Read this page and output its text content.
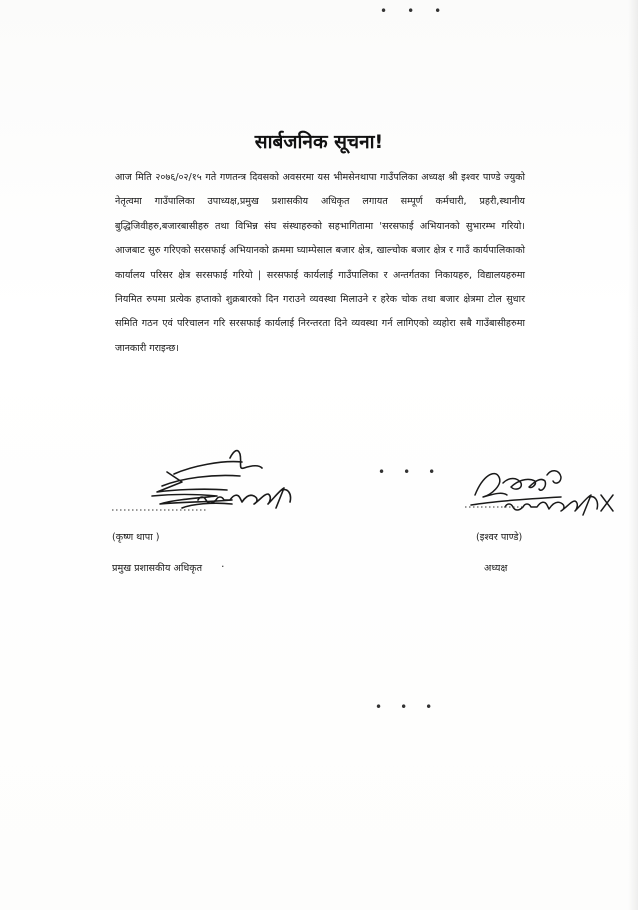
•••
सार्बजनिक सूचना!
आज मिति २०७६/०२/१५ गते गणतन्त्र दिवसको अवसरमा यस भीमसेनथापा गाउँपलिका अध्यक्ष श्री इश्वर पाण्डे ज्युको नेतृत्वमा गाउँपालिका उपाध्यक्ष,प्रमुख प्रशासकीय अधिकृत लगायत सम्पूर्ण कर्मचारी, प्रहरी,स्थानीय बुद्धिजिवीहरु,बजारबासीहरु तथा विभिन्न संघ संस्थाहरुको सहभागितामा 'सरसफाई अभियानको सुभारम्भ गरियो।आजबाट सुरु गरिएको सरसफाई अभियानको क्रममा घ्याम्पेसाल बजार क्षेत्र, खाल्चोक बजार क्षेत्र र गाउँ कार्यपालिकाको कार्यालय परिसर क्षेत्र सरसफाई गरियो | सरसफाई कार्यलाई गाउँपालिका र अन्तर्गतका निकायहरु, विद्यालयहरुमा नियमित रुपमा प्रत्येक हप्ताको शुक्रबारको दिन गराउने व्यवस्था मिलाउने र हरेक चोक तथा बजार क्षेत्रमा टोल सुधार समिति गठन एवं परिचालन गरि सरसफाई कार्यलाई निरन्तरता दिने व्यवस्था गर्न लागिएको व्यहोरा सबै गाउँबासीहरुमा जानकारी गराइन्छ।
•••
(कृष्ण थापा )	(इश्वर पाण्डे)
प्रमुख प्रशासकीय अधिकृत ·	अध्यक्ष
•••
